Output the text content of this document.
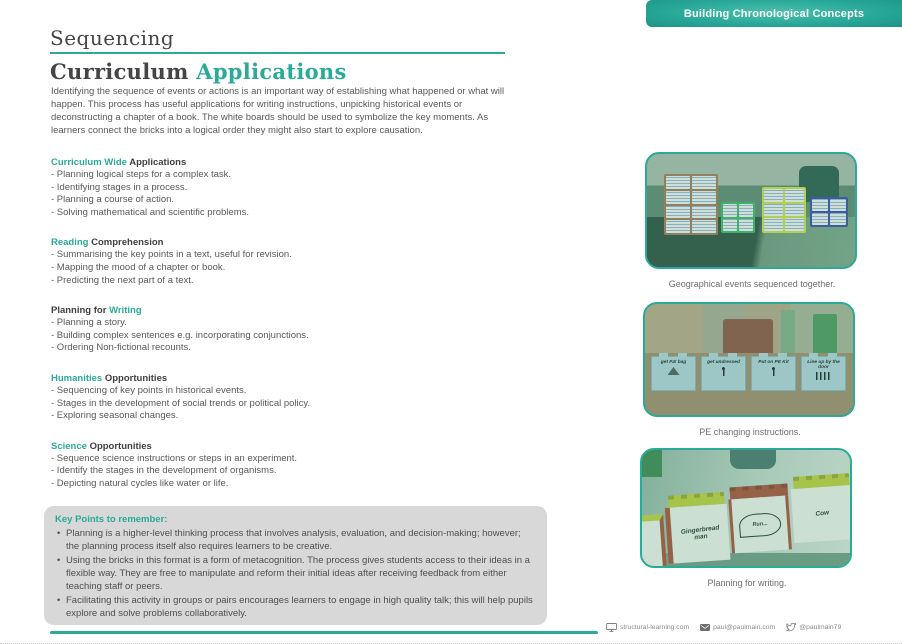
Building Chronological Concepts
Sequencing
Curriculum Applications
Identifying the sequence of events or actions is an important way of establishing what happened or what will happen. This process has useful applications for writing instructions, unpicking historical events or deconstructing a chapter of a book. The white boards should be used to symbolize the key moments. As learners connect the bricks into a logical order they might also start to explore causation.
Curriculum Wide Applications
- Planning logical steps for a complex task.
- Identifying stages in a process.
- Planning a course of action.
- Solving mathematical and scientific problems.
Reading Comprehension
- Summarising the key points in a text, useful for revision.
- Mapping the mood of a chapter or book.
- Predicting the next part of a text.
Planning for Writing
- Planning a story.
- Building complex sentences e.g. incorporating conjunctions.
- Ordering Non-fictional recounts.
Humanities Opportunities
- Sequencing of key points in historical events.
- Stages in the development of social trends or political policy.
- Exploring seasonal changes.
Science Opportunities
- Sequence science instructions or steps in an experiment.
- Identify the stages in the development of organisms.
- Depicting natural cycles like water or life.
Key Points to remember:
• Planning is a higher-level thinking process that involves analysis, evaluation, and decision-making; however; the planning process itself also requires learners to be creative.
• Using the bricks in this format is a form of metacognition. The process gives students access to their ideas in a flexible way. They are free to manipulate and reform their initial ideas after receiving feedback from either teaching staff or peers.
• Facilitating this activity in groups or pairs encourages learners to engage in high quality talk; this will help pupils explore and solve problems collaboratively.
structural-learning.com	paul@paulmain.com	@paulmain79
Geographical events sequenced together.
get P.E bag	get undressed	Put on PE Kit	Line up by the door
PE changing instructions.
Gingerbread man
Run...
Cow
Planning for writing.
